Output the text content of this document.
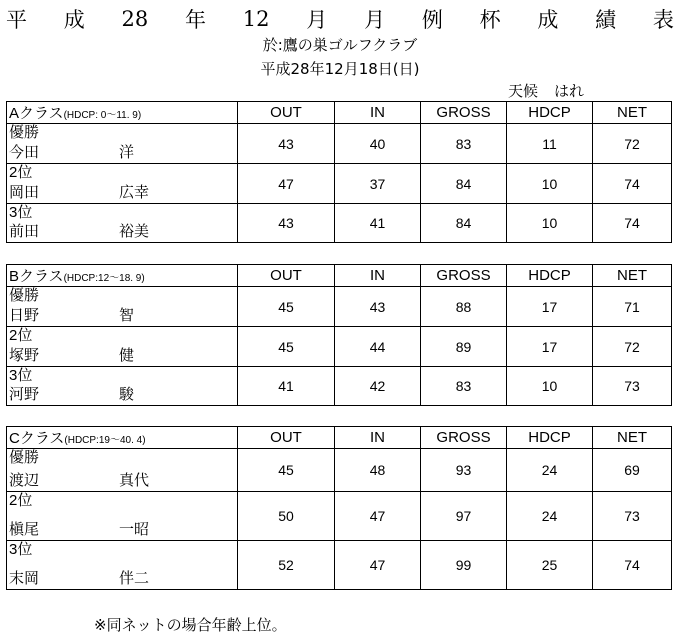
平 成 28 年 12 月 月 例 杯 成 績 表
於:鷹の巣ゴルフクラブ
平成28年12月18日(日)
天候 はれ
Aクラス(HDCP: 0～11. 9)	OUT	IN	GROSS	HDCP	NET

優勝
今田 洋	43	40	83	11	72

2位
岡田 広幸	47	37	84	10	74

3位
前田 裕美	43	41	84	10	74
Bクラス(HDCP:12～18. 9)	OUT	IN	GROSS	HDCP	NET

優勝
日野 智	45	43	88	17	71

2位
塚野 健	45	44	89	17	72

3位
河野 駿	41	42	83	10	73
Cクラス(HDCP:19～40. 4)	OUT	IN	GROSS	HDCP	NET

優勝
渡辺 真代	45	48	93	24	69

2位
槇尾 一昭	50	47	97	24	73

3位
末岡 伴二	52	47	99	25	74
※同ネットの場合年齢上位。
